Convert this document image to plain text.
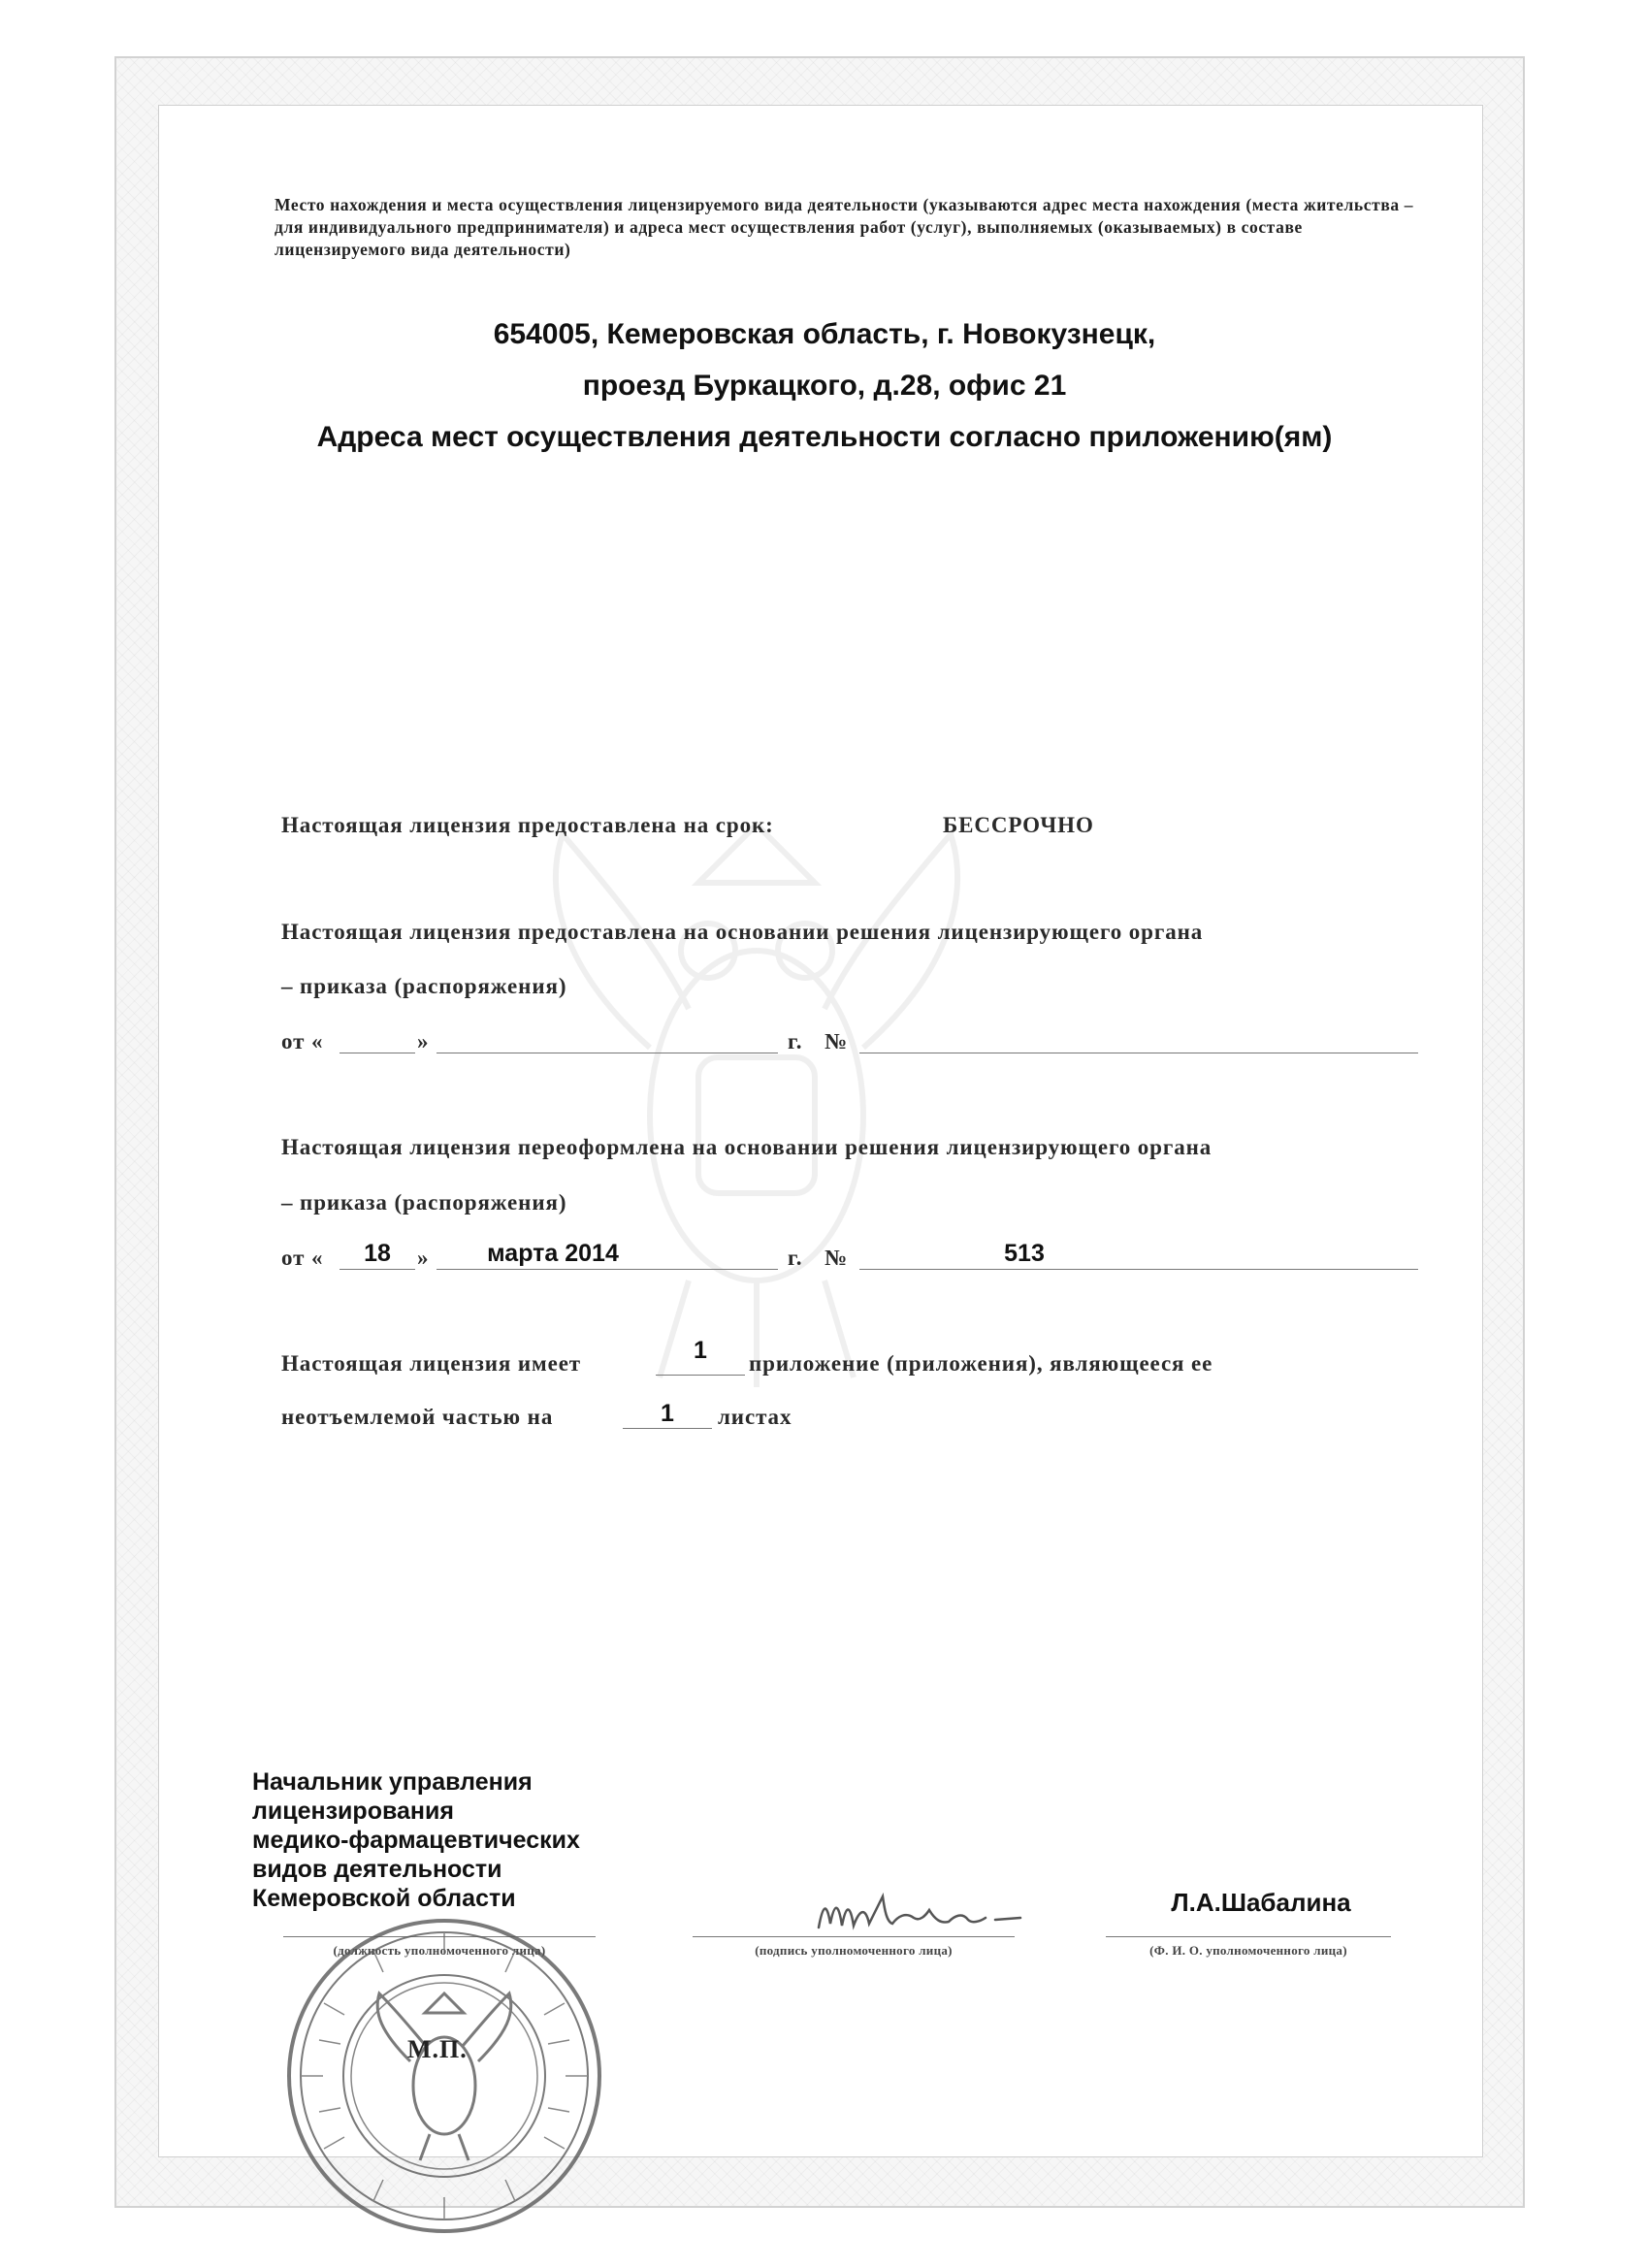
Место нахождения и места осуществления лицензируемого вида деятельности (указываются адрес места нахождения (места жительства – для индивидуального предпринимателя) и адреса мест осуществления работ (услуг), выполняемых (оказываемых) в составе лицензируемого вида деятельности)
654005, Кемеровская область, г. Новокузнецк,
проезд Буркацкого, д.28, офис 21
Адреса мест осуществления деятельности согласно приложению(ям)
Настоящая лицензия предоставлена на срок:	БЕССРОЧНО
Настоящая лицензия предоставлена на основании решения лицензирующего органа
– приказа (распоряжения)
от «	»	г. №
Настоящая лицензия переоформлена на основании решения лицензирующего органа
– приказа (распоряжения)
от «	18	»	марта 2014	г. №	513
Настоящая лицензия имеет	1	приложение (приложения), являющееся ее
неотъемлемой частью на	1	листах
Начальник управления
лицензирования
медико-фармацевтических
видов деятельности
Кемеровской области
(должность уполномоченного лица)	(подпись уполномоченного лица)	(Ф. И. О. уполномоченного лица)
Л.А.Шабалина
М.П.
